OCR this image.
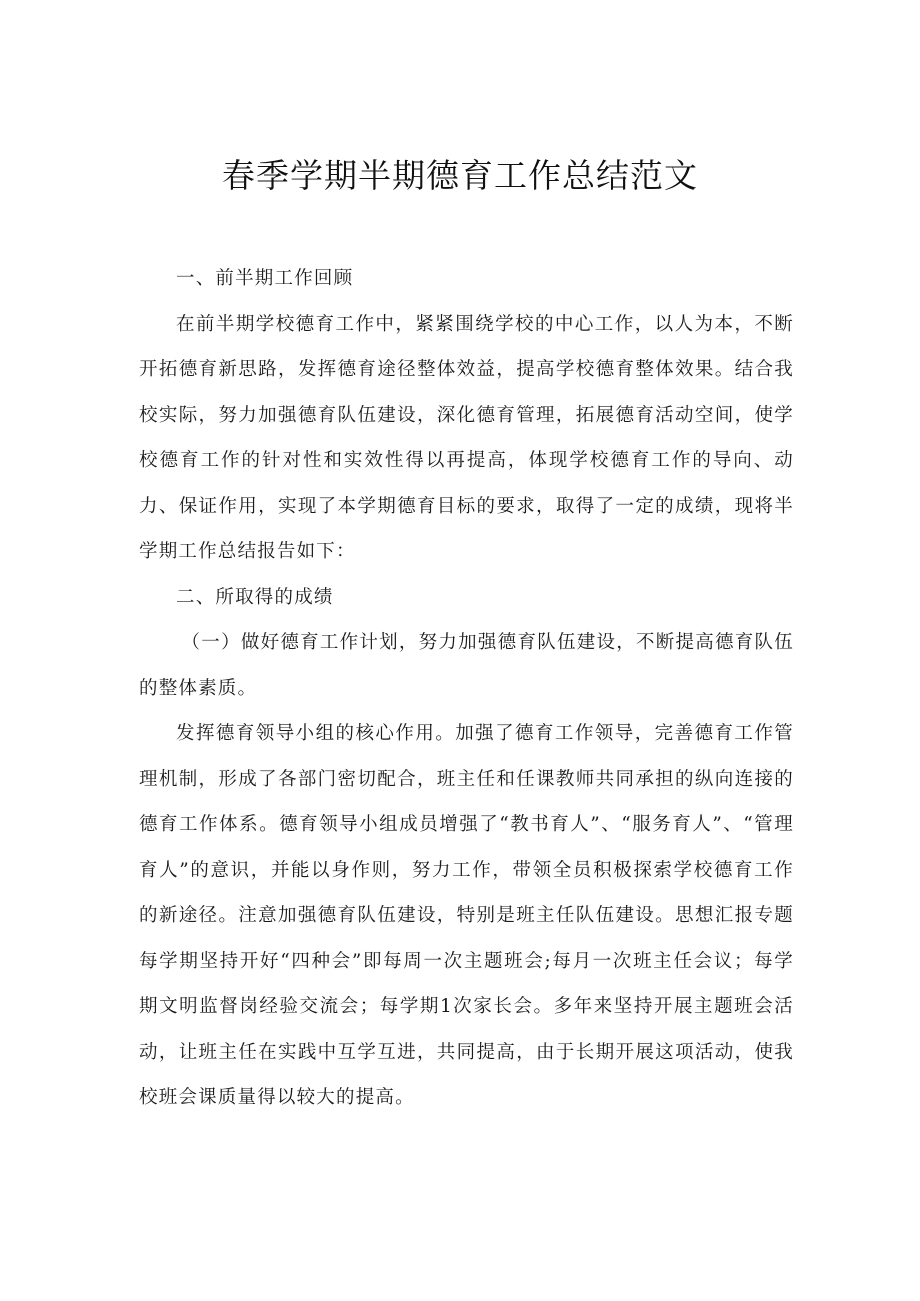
春季学期半期德育工作总结范文

一、前半期工作回顾

在前半期学校德育工作中，紧紧围绕学校的中心工作，以人为本，不断开拓德育新思路，发挥德育途径整体效益，提高学校德育整体效果。结合我校实际，努力加强德育队伍建设，深化德育管理，拓展德育活动空间，使学校德育工作的针对性和实效性得以再提高，体现学校德育工作的导向、动力、保证作用，实现了本学期德育目标的要求，取得了一定的成绩，现将半学期工作总结报告如下：

二、所取得的成绩

（一）做好德育工作计划，努力加强德育队伍建设，不断提高德育队伍的整体素质。

发挥德育领导小组的核心作用。加强了德育工作领导，完善德育工作管理机制，形成了各部门密切配合，班主任和任课教师共同承担的纵向连接的德育工作体系。德育领导小组成员增强了“教书育人”、“服务育人”、“管理育人”的意识，并能以身作则，努力工作，带领全员积极探索学校德育工作的新途径。注意加强德育队伍建设，特别是班主任队伍建设。思想汇报专题每学期坚持开好“四种会”即每周一次主题班会;每月一次班主任会议；每学期文明监督岗经验交流会；每学期1次家长会。多年来坚持开展主题班会活动，让班主任在实践中互学互进，共同提高，由于长期开展这项活动，使我校班会课质量得以较大的提高。
